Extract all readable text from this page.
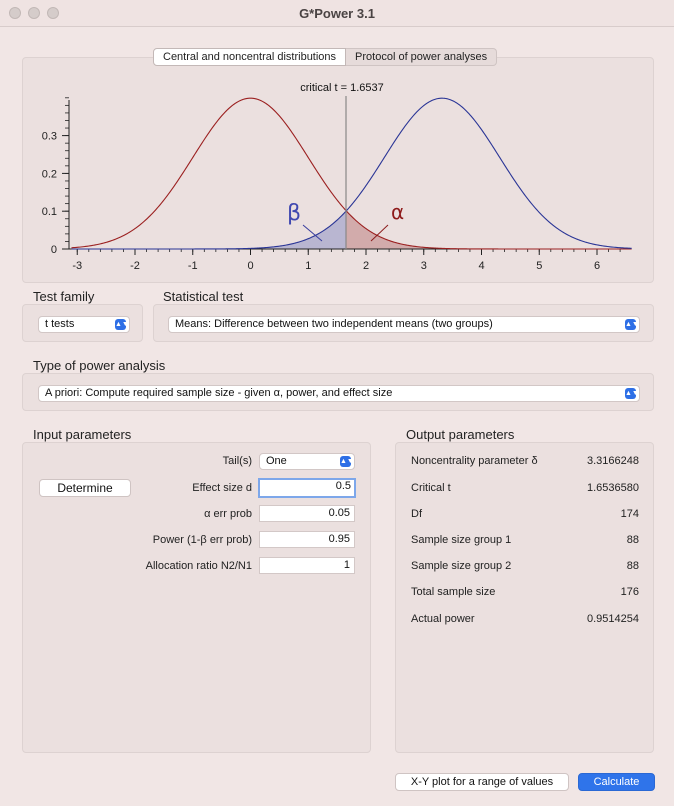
G*Power 3.1
Central and noncentral distributions	Protocol of power analyses
0
0.1
0.2
0.3
-3	-2	-1	0	1	2	3	4	5	6
critical t = 1.6537
β	α
Test family
t tests	▲▼
Statistical test
Means: Difference between two independent means (two groups)	▲▼
Type of power analysis
A priori: Compute required sample size - given α, power, and effect size	▲▼
Input parameters
Determine
Tail(s)	One	▲▼
Effect size d	0.5
α err prob	0.05
Power (1-β err prob)	0.95
Allocation ratio N2/N1	1
Output parameters
Noncentrality parameter δ	3.3166248
Critical t	1.6536580
Df	174
Sample size group 1	88
Sample size group 2	88
Total sample size	176
Actual power	0.9514254
X-Y plot for a range of values	Calculate
